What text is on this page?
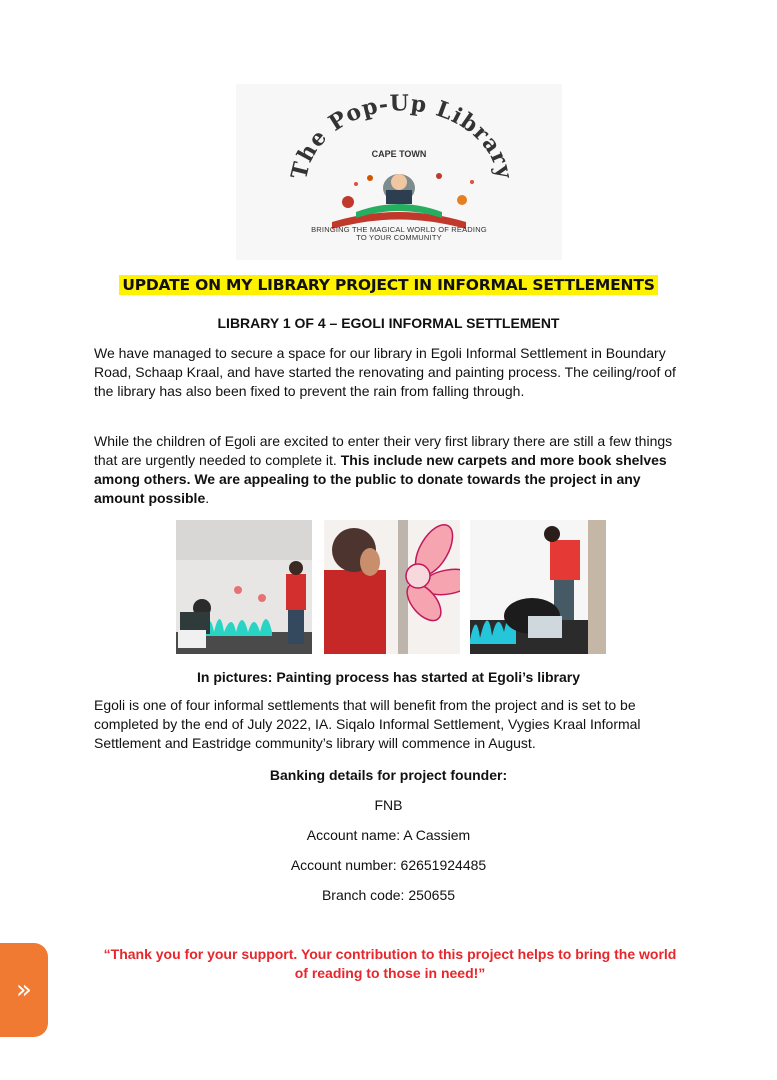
The Pop-Up Library
CAPE TOWN
BRINGING THE MAGICAL WORLD OF READING
TO YOUR COMMUNITY
UPDATE ON MY LIBRARY PROJECT IN INFORMAL SETTLEMENTS
LIBRARY 1 OF 4 – EGOLI INFORMAL SETTLEMENT

We have managed to secure a space for our library in Egoli Informal Settlement in Boundary Road, Schaap Kraal, and have started the renovating and painting process. The ceiling/roof of the library has also been fixed to prevent the rain from falling through.

While the children of Egoli are excited to enter their very first library there are still a few things that are urgently needed to complete it. This include new carpets and more book shelves among others. We are appealing to the public to donate towards the project in any amount possible.

In pictures: Painting process has started at Egoli’s library

Egoli is one of four informal settlements that will benefit from the project and is set to be completed by the end of July 2022, IA. Siqalo Informal Settlement, Vygies Kraal Informal Settlement and Eastridge community’s library will commence in August.

Banking details for project founder:
FNB
Account name: A Cassiem
Account number: 62651924485
Branch code: 250655
“Thank you for your support. Your contribution to this project helps to bring the world of reading to those in need!”
»
